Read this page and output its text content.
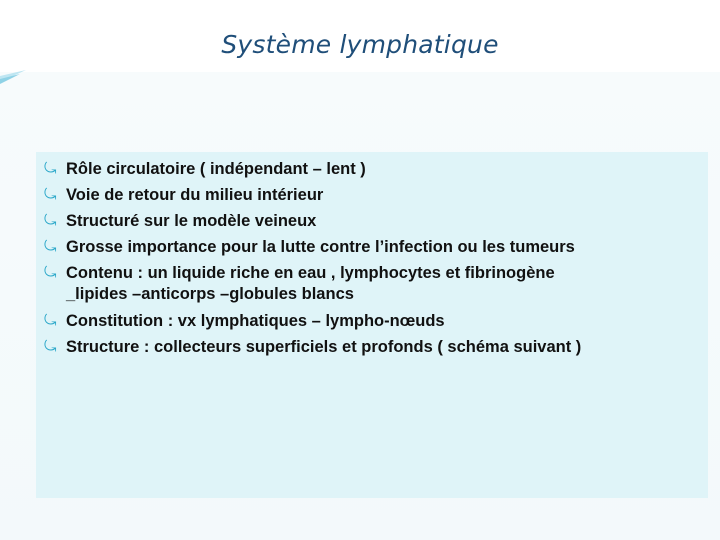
Système lymphatique
⤿ Rôle circulatoire ( indépendant – lent )
⤿ Voie de retour du milieu intérieur
⤿ Structuré sur le modèle veineux
⤿ Grosse importance pour la lutte contre l’infection ou les tumeurs
⤿ Contenu : un liquide riche en eau , lymphocytes et fibrinogène
_lipides –anticorps –globules blancs
⤿ Constitution : vx lymphatiques – lympho-nœuds
⤿ Structure : collecteurs superficiels et profonds ( schéma suivant )
